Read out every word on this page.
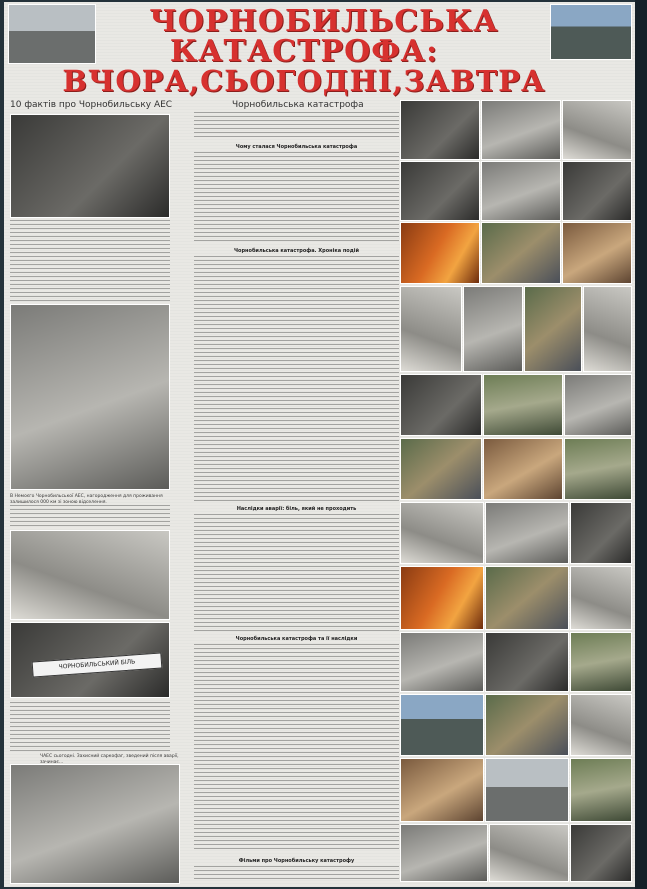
ЧОРНОБИЛЬСЬКА
КАТАСТРОФА:
ВЧОРА,СЬОГОДНІ,ЗАВТРА

10 фактів про Чорнобильську АЕС

В Немоєго Чорнобильської АЕС, нагородження для проживання залишилося 000 км зі зоною відселення.

ЧОРНОБИЛЬСЬКИЙ БІЛЬ

ЧАЕС сьогодні. Захисний саркофаг, зведений після аварії, зачинає...

Чорнобильська катастрофа

Чому сталася Чорнобильська катастрофа

Чорнобильська катастрофа. Хроніка подій

Наслідки аварії: біль, який не проходить

Чорнобильська катастрофа та її наслідки

Фільми про Чорнобильську катастрофу
